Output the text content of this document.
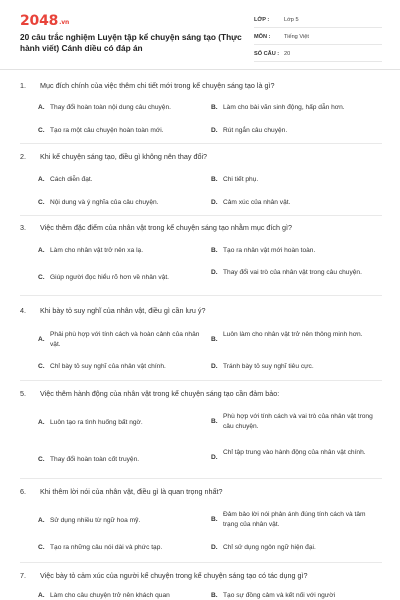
2048.vn
20 câu trắc nghiệm Luyện tập kể chuyện sáng tạo (Thực hành viết) Cánh diều có đáp án
LỚP :	Lớp 5
MÔN :	Tiếng Việt
SỐ CÂU : 20
1.	Mục đích chính của việc thêm chi tiết mới trong kể chuyện sáng tạo là gì?
A. Thay đổi hoàn toàn nội dung câu chuyện.	B. Làm cho bài văn sinh động, hấp dẫn hơn.
C. Tạo ra một câu chuyện hoàn toàn mới.	D. Rút ngắn câu chuyện.
2.	Khi kể chuyện sáng tạo, điều gì không nên thay đổi?
A. Cách diễn đạt.	B. Chi tiết phụ.
C. Nội dung và ý nghĩa của câu chuyện.	D. Cảm xúc của nhân vật.
3.	Việc thêm đặc điểm của nhân vật trong kể chuyện sáng tạo nhằm mục đích gì?
A. Làm cho nhân vật trở nên xa lạ.	B. Tạo ra nhân vật mới hoàn toàn.
C. Giúp người đọc hiểu rõ hơn về nhân vật.
D. Thay đổi vai trò của nhân vật trong câu chuyện.
4.	Khi bày tỏ suy nghĩ của nhân vật, điều gì cần lưu ý?
A.
Phải phù hợp với tính cách và hoàn cảnh của nhân vật.
B.
Luôn làm cho nhân vật trở nên thông minh hơn.
C. Chỉ bày tỏ suy nghĩ của nhân vật chính.	D. Tránh bày tỏ suy nghĩ tiêu cực.
5.	Việc thêm hành động của nhân vật trong kể chuyện sáng tạo cần đảm bảo:
A. Luôn tạo ra tình huống bất ngờ.	B.
Phù hợp với tính cách và vai trò của nhân vật trong câu chuyện.
C. Thay đổi hoàn toàn cốt truyện.	D.
Chỉ tập trung vào hành động của nhân vật chính.
6.	Khi thêm lời nói của nhân vật, điều gì là quan trọng nhất?
A. Sử dụng nhiều từ ngữ hoa mỹ.	B.
Đảm bảo lời nói phản ánh đúng tính cách và tâm trạng của nhân vật.
C. Tạo ra những câu nói dài và phức tạp.	D. Chỉ sử dụng ngôn ngữ hiện đại.
7.	Việc bày tỏ cảm xúc của người kể chuyện trong kể chuyện sáng tạo có tác dụng gì?
A. Làm cho câu chuyện trở nên khách quan	B. Tạo sự đồng cảm và kết nối với người
